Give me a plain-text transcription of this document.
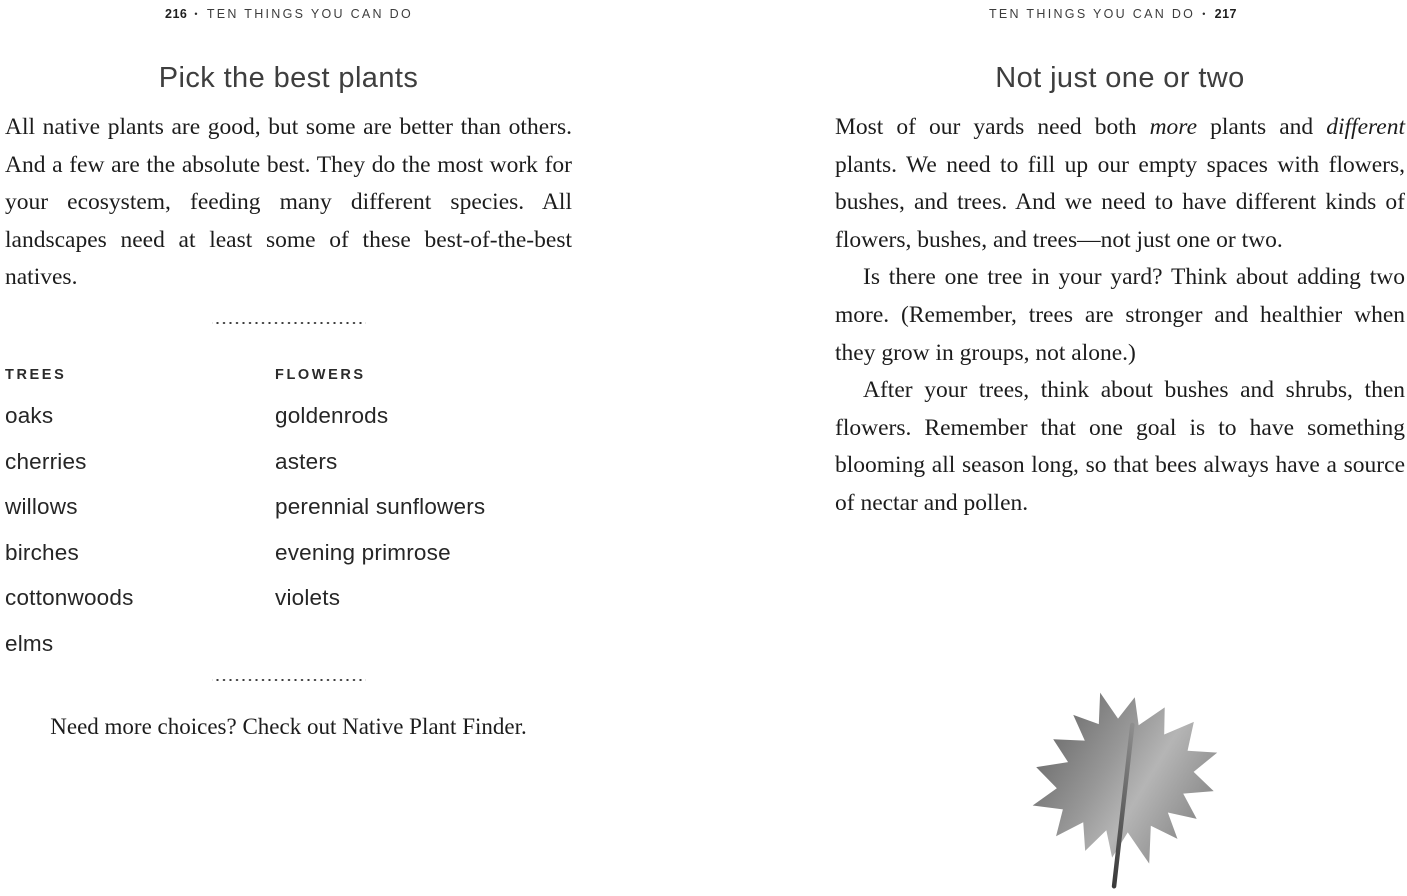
216 • TEN THINGS YOU CAN DO	TEN THINGS YOU CAN DO • 217
Pick the best plants
All native plants are good, but some are better than others. And a few are the absolute best. They do the most work for your ecosystem, feeding many different species. All landscapes need at least some of these best-of-the-best natives.
TREES
oaks
cherries
willows
birches
cottonwoods
elms
FLOWERS
goldenrods
asters
perennial sunflowers
evening primrose
violets
Need more choices? Check out Native Plant Finder.
Not just one or two

Most of our yards need both more plants and different plants. We need to fill up our empty spaces with flowers, bushes, and trees. And we need to have different kinds of flowers, bushes, and trees—not just one or two.

Is there one tree in your yard? Think about adding two more. (Remember, trees are stronger and healthier when they grow in groups, not alone.)

After your trees, think about bushes and shrubs, then flowers. Remember that one goal is to have something blooming all season long, so that bees always have a source of nectar and pollen.
